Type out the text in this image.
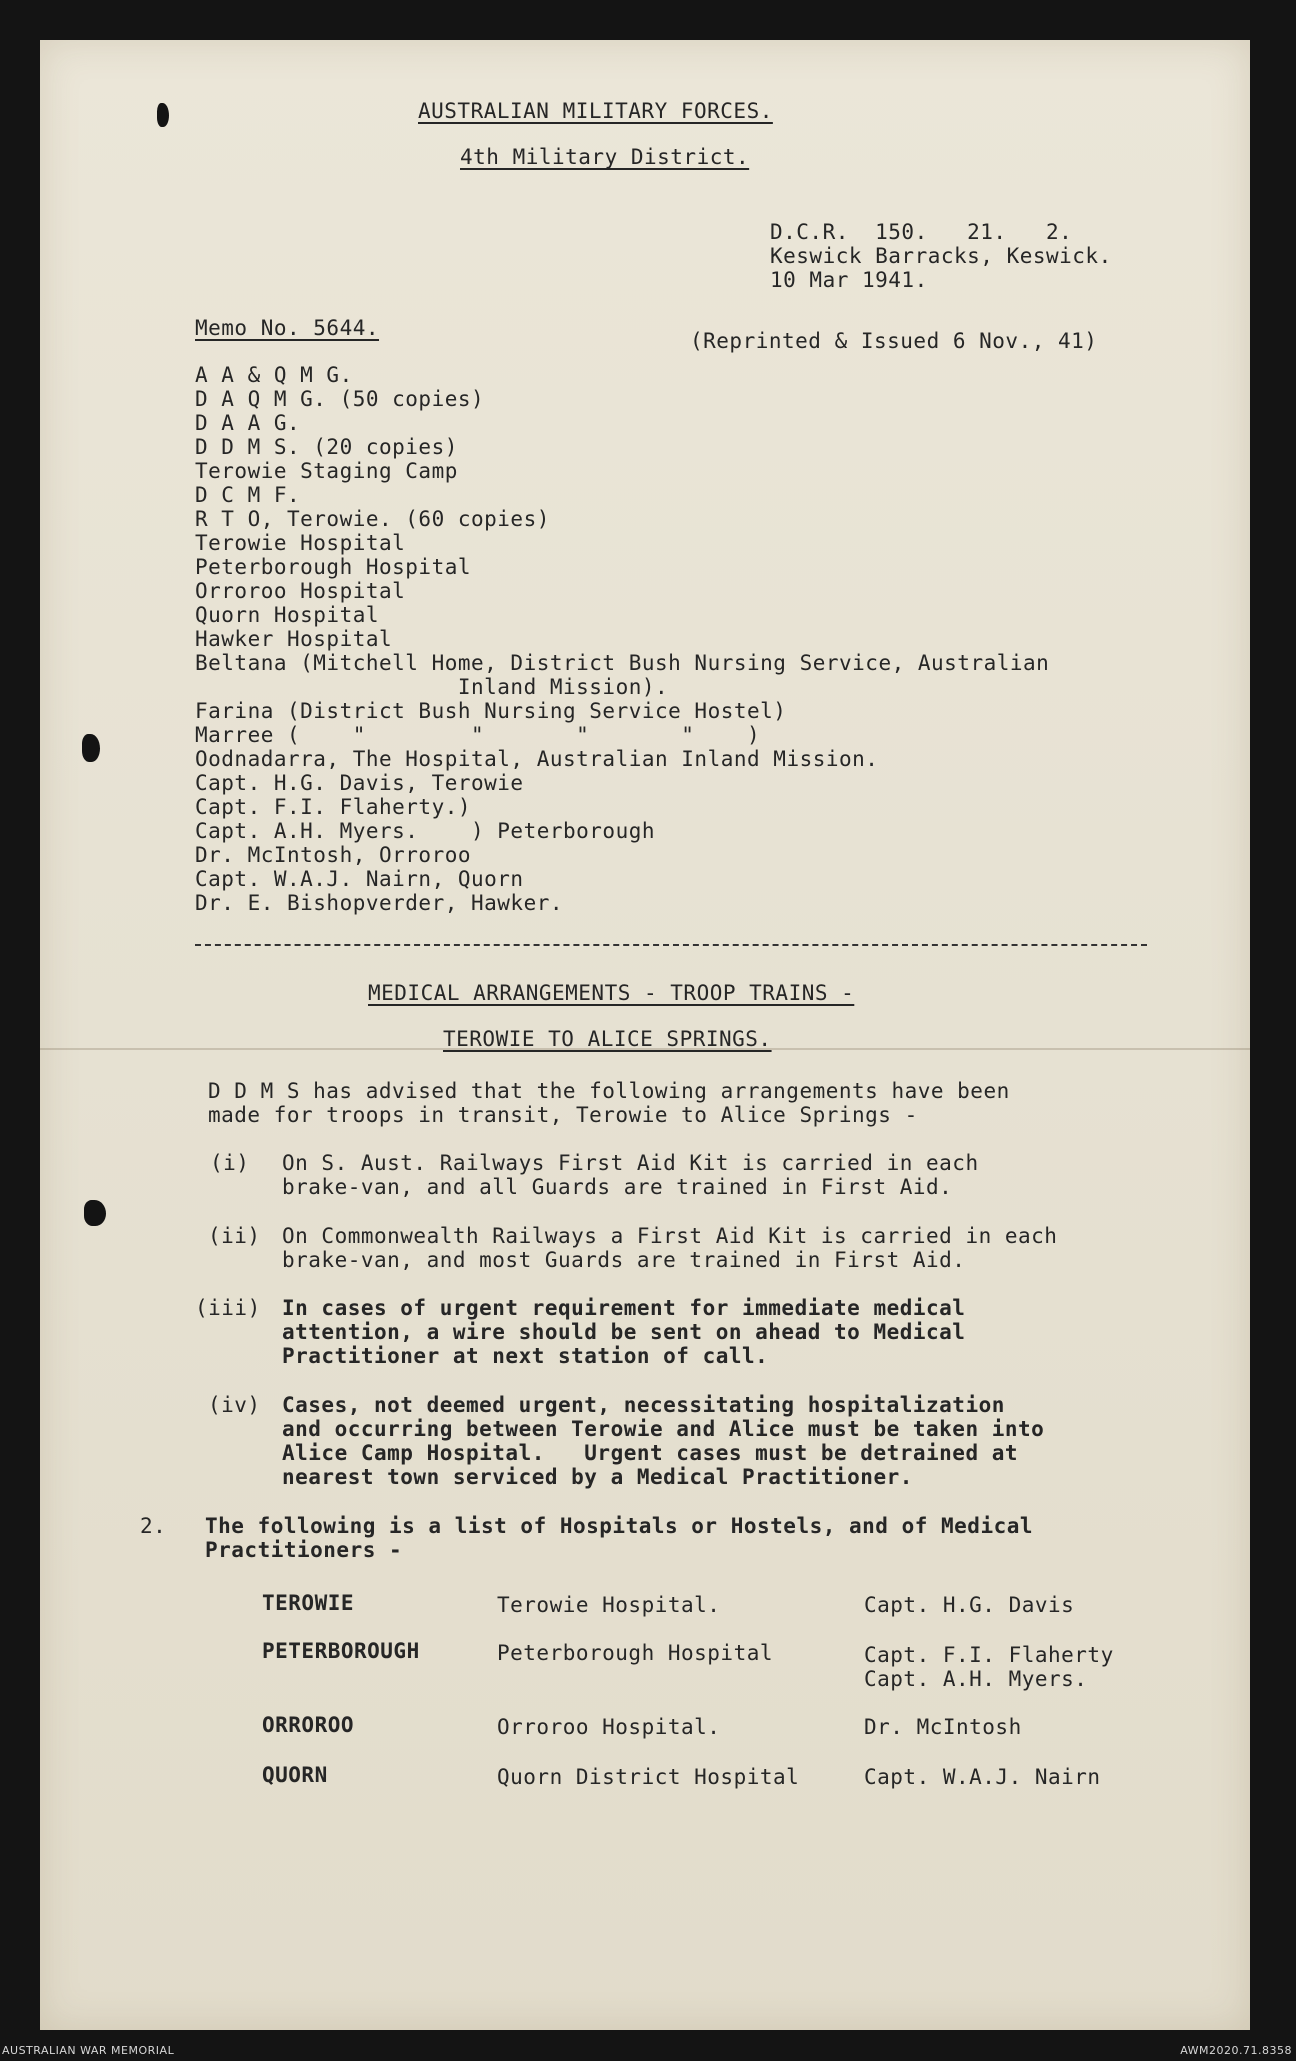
AUSTRALIAN MILITARY FORCES.
4th Military District.
D.C.R.  150.   21.   2.
Keswick Barracks, Keswick.
10 Mar 1941.
Memo No. 5644.
(Reprinted & Issued 6 Nov., 41)
A A & Q M G.
D A Q M G. (50 copies)
D A A G.
D D M S. (20 copies)
Terowie Staging Camp
D C M F.
R T O, Terowie. (60 copies)
Terowie Hospital
Peterborough Hospital
Orroroo Hospital
Quorn Hospital
Hawker Hospital
Beltana (Mitchell Home, District Bush Nursing Service, Australian
Inland Mission).
Farina (District Bush Nursing Service Hostel)
Marree (    "        "       "       "    )
Oodnadarra, The Hospital, Australian Inland Mission.
Capt. H.G. Davis, Terowie
Capt. F.I. Flaherty.)
Capt. A.H. Myers.    ) Peterborough
Dr. McIntosh, Orroroo
Capt. W.A.J. Nairn, Quorn
Dr. E. Bishopverder, Hawker.
MEDICAL ARRANGEMENTS - TROOP TRAINS -
TEROWIE TO ALICE SPRINGS.
D D M S has advised that the following arrangements have been
made for troops in transit, Terowie to Alice Springs -
(i) On S. Aust. Railways First Aid Kit is carried in each
brake-van, and all Guards are trained in First Aid.
(ii) On Commonwealth Railways a First Aid Kit is carried in each
brake-van, and most Guards are trained in First Aid.
(iii) In cases of urgent requirement for immediate medical
attention, a wire should be sent on ahead to Medical
Practitioner at next station of call.
(iv) Cases, not deemed urgent, necessitating hospitalization
and occurring between Terowie and Alice must be taken into
Alice Camp Hospital.   Urgent cases must be detrained at
nearest town serviced by a Medical Practitioner.
2. The following is a list of Hospitals or Hostels, and of Medical
Practitioners -
TEROWIE	Terowie Hospital.	Capt. H.G. Davis
PETERBOROUGH	Peterborough Hospital	Capt. F.I. Flaherty
Capt. A.H. Myers.
ORROROO	Orroroo Hospital.	Dr. McIntosh
QUORN	Quorn District Hospital	Capt. W.A.J. Nairn
AUSTRALIAN WAR MEMORIAL	AWM2020.71.8358
